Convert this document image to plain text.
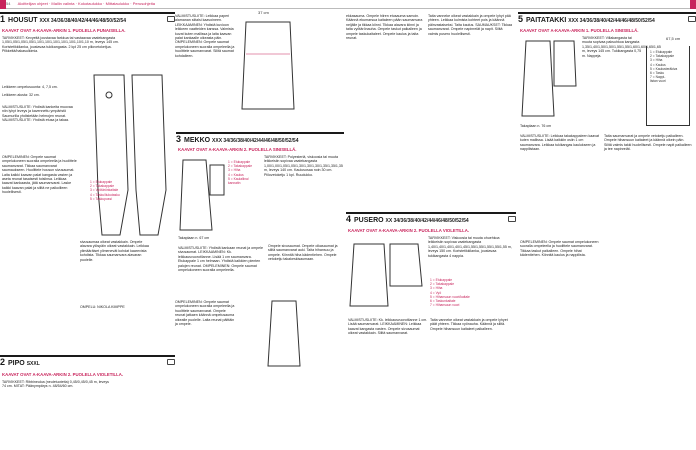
54 Aloittelijan ohjeet · Mallin valinta · Kokotaulukko · Mittataulukko · Perusohjeita
1 HOUSUT XXX 34/36/38/40/42/44/46/48/50/52/54
KAAVAT OVAT A-KAAVA-ARKIN 1. PUOLELLA PUNAISELLA.
TARVIKKEET: Kevyeitä joustavaa farkkua tai vastaavaa vaatekangasta 1,05/1,05/1,05/1,05/1,10/1,10/1,10/1,10/1,10/1,10/1,10 m, leveys 145 cm. Koristetikkilanka, joustavaa tukikangasta. 2 kpl 25 cm piilovetoketjua. Pilkkeitä/hakasulkimia.
Leikkeen ompelusuunta: 4, 7,5 cm.
Leikkeen alusta: 32 cm.
VALMISTUSLIITE: Yhdistä kankeita muovaa niin lyhyt leveys ja kavennettu ympäristö Saumurilla yhdistetään helmojen reunat. VALMISTUSLIITE: Yhdistä etusa ja takaa.
OMPELEMINEN: Ompele saumat ompelukoneen suoralla ompeleella ja huolittele saumanvarat. Tikkaa saumanvarat saumaukseen. Huolittele housun sivusaumat. Laita kaikki kaavan palat kangasta vasten ja aseta reunat tasaisesti toisiinsa. Leikkaa kaavat kankaasta, jätä saumanvarat. Laske kaikki kaavan palat ja silitä ne paikoilleen huolellisesti.
sivusaumaa oikeat vastakkain. Ompele alavara ylöspäin oikeat vastakkain. Leikkaa ylimääräiset ylimenevät kohdat kaarevista kohdista. Tikkaa saumanvara alavaran puolelle.
OMPELU: NIKOLA KIMPPE
1 = Etukappale
2 = Takakappale
3 = Vyötärönkaitale
4 = Tasku/liukutasku
5 = Taskupussi
2 PIPO SXXL
KAAVAT OVAT A-KAAVA-ARKIN 2. PUOLELLA VIOLETILLA.
TARVIKKEET: Ribbineuloa (neuletuotetta) 0,45/0,45/0,45 m, leveys 74 cm. MITAT: Päänympärys n. 48/54/60 cm.
VALMISTUSLIITE: Leikkaa paperi alamanan siitalsi kaavoineen. LEIKKAAMINEN: Yhdistä kuvioon leikkeen vaatteiden kanssa. Valmista kuvat kuten mallissa ja laita kaavan palat kankaalle oikeasta päin. OMPELEMINEN: Ompele saumat ompelukoneen suoralla ompeleella ja huolittele saumanvarat. Silitä saumat kohdalleen.
OMPELEMINEN: Ompele saumat ompelukoneen suoralla ompeleella ja huolittele saumanvarat. Ompele reunat jatkaen käännä ompelusauma oikealle puolelle. Laita reunat päittäin ja ompele.
37 cm
3 MEKKO XXX 34/36/38/40/42/44/46/48/50/52/54
KAAVAT OVAT A-KAAVA-ARKIN 2. PUOLELLA SINISELLÄ.
1 = Etukappale
2 = Takakappale
3 = Hiha
4 = Kaulus
5 = Kaulaliina/ kannatin
Takaplaan n. 67 cm
TARVIKKEET: Polyesteriä, viskoosia tai muuta leikkeisiin sopivaa vaatekangasta 1,00/1,00/1,05/1,05/1,30/1,30/1,30/1,35/1,35/1,35 m, leveys 140 cm. Kaulusosaa noin 30 cm. Piilovetoketju 1 kpl. Ruudukko.
VALMISTUSLIITE: Yhdistä kankaan reunat ja ompele sivusaumat. LEIKKAAMINEN: Kk. leikkausvuorotilanne. Lisää 1 cm saumanvara. Etukappale 1 cm helmaan. Yhdistä kaikkien pienten palojen reunat. OMPELEMINEN: Ompele saumat ompelukoneen suoralla ompeleella.
Ompele sivusaumat. Ompele olkasaumat ja silitä saumanvarat auki. Taita hihansuu ja ompele. Kiinnitä hiha kädentiehen. Ompele vetoketju takakeskisaumaan.
ekkasauma. Ompele hiiren etusauma samoin. Käännä ekumarsua kaitaleen pään saumanvara neljälle ja tikkaa kiinni. Tikkaa alavara kiinni ja taita vyötärönauha. Ompele taskut paikalleen ja ompele taskukaitaleet. Ompele kaulus ja taita reunat.
Taita vanneke oikeat vastakkain ja ompele lyhyt pää yhteen. Leikkaa kulmista kohteet pois ja käännä päinvastaiseksi. Taita kaulus. SAUMAUKSET: Tikkaa saumanvarat. Ompele napinreiät ja napit. Silitä valmis pusero huolellisesti.
4 PUSERO XX 34/36/38/40/42/44/46/48/50/52/54
KAAVAT OVAT A-KAAVA-ARKIN 2. PUOLELLA VIOLETILLA.
TARVIKKEET: Viskoosia tai muuta ohuehkoa leikkeisiin sopivaa vaatekangasta 1,40/1,40/1,40/1,40/1,45/1,55/1,55/1,55/1,55/1,55 m, leveys 150 cm. Koristetikkilanka, joustavaa tukikangasta 4 nappia.
1 = Etukappale
2 = Takakappale
3 = Hiha
4 = Vyö
5 = Hihansuun vuori/kaitale
6 = Taskunkaitale
7 = Hihansuun vuori
VALMISTUSLIITE: Kk. leikkausvuorotilanne 1 cm. Lisää saumanvarat. LEIKKAAMINEN: Leikkaa kaavat kangasta vasten. Ompele sivusaumat oikeat vastakkain. Silitä saumanvarat.
Taita vanneke oikeat vastakkain ja ompele lyhyet päät yhteen. Tikkaa vyönauha. Käännä ja silitä. Ompele hihansuun kaitaleet paikalleen.
5 PAITATAKKI XXX 34/36/38/40/42/44/46/48/50/52/54
KAAVAT OVAT A-KAAVA-ARKIN 1. PUOLELLA SINISELLÄ.
Takaplaan n. 76 cm
TARVIKKEET: Villakangasta tai muuta sopivaa paksuhkoa kangasta 1,35/1,40/1,50/1,50/1,55/1,55/1,60/1,60/1,65/1,65 m, leveys 145 cm. Tukikangasta 0,75 m. Nappeja.
67,5 cm
1 = Etukappale
2 = Takakappale
3 = Hiha
4 = Kaulus
5 = Kaulusteräkiva
6 = Tasku
7 = Nappi-
listan vuori
VALMISTUSLIITE: Leikkaa takakappaleen kaavat kuten mallissa. Lisää kaikkiin osiin 1 cm saumanvara. Leikkaa tukikangas kaulukseen ja nappilistaan.
OMPELEMINEN: Ompele saumat ompelukoneen suoralla ompeleella ja huolittele saumanvarat. Tikkaa taskut paikalleen. Ompele hihat kädentiehen. Kiinnitä kaulus ja nappilista.
Taita saumanvarat ja ompele vetoketju paikalleen. Ompele hihansuun kaitaleet ja käännä oikein päin. Silitä valmis takki huolellisesti. Ompele napit paikalleen ja tee napinreiät.
